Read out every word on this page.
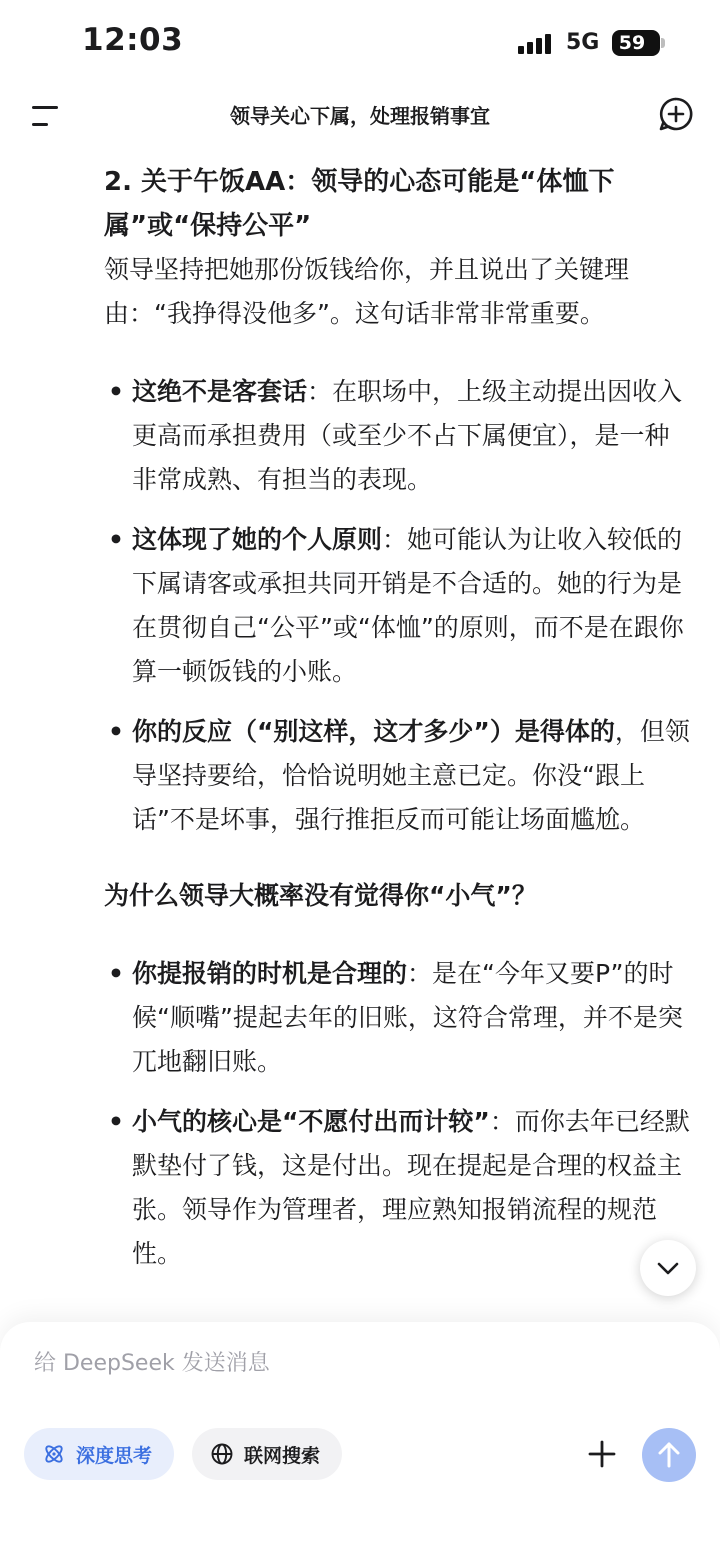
12:03	5G	59
领导关心下属，处理报销事宜

2. 关于午饭AA：领导的心态可能是“体恤下属”或“保持公平”

领导坚持把她那份饭钱给你，并且说出了关键理由：“我挣得没他多”。这句话非常非常重要。

• 这绝不是客套话：在职场中，上级主动提出因收入更高而承担费用（或至少不占下属便宜），是一种非常成熟、有担当的表现。
• 这体现了她的个人原则：她可能认为让收入较低的下属请客或承担共同开销是不合适的。她的行为是在贯彻自己“公平”或“体恤”的原则，而不是在跟你算一顿饭钱的小账。
• 你的反应（“别这样，这才多少”）是得体的，但领导坚持要给，恰恰说明她主意已定。你没“跟上话”不是坏事，强行推拒反而可能让场面尴尬。

为什么领导大概率没有觉得你“小气”？

• 你提报销的时机是合理的：是在“今年又要P”的时候“顺嘴”提起去年的旧账，这符合常理，并不是突兀地翻旧账。
• 小气的核心是“不愿付出而计较”：而你去年已经默默垫付了钱，这是付出。现在提起是合理的权益主张。领导作为管理者，理应熟知报销流程的规范性。
给 DeepSeek 发送消息
深度思考	联网搜索
